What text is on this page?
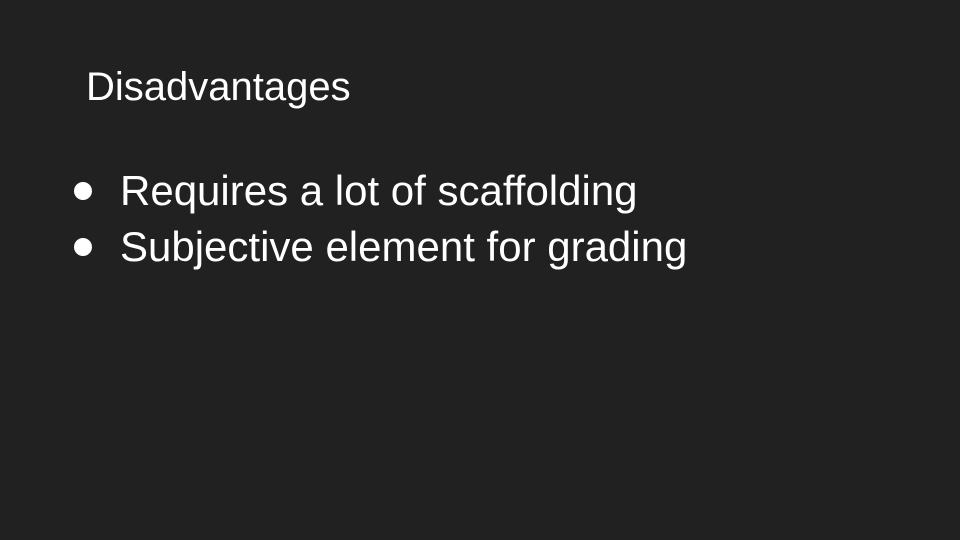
Disadvantages
Requires a lot of scaffolding
Subjective element for grading
